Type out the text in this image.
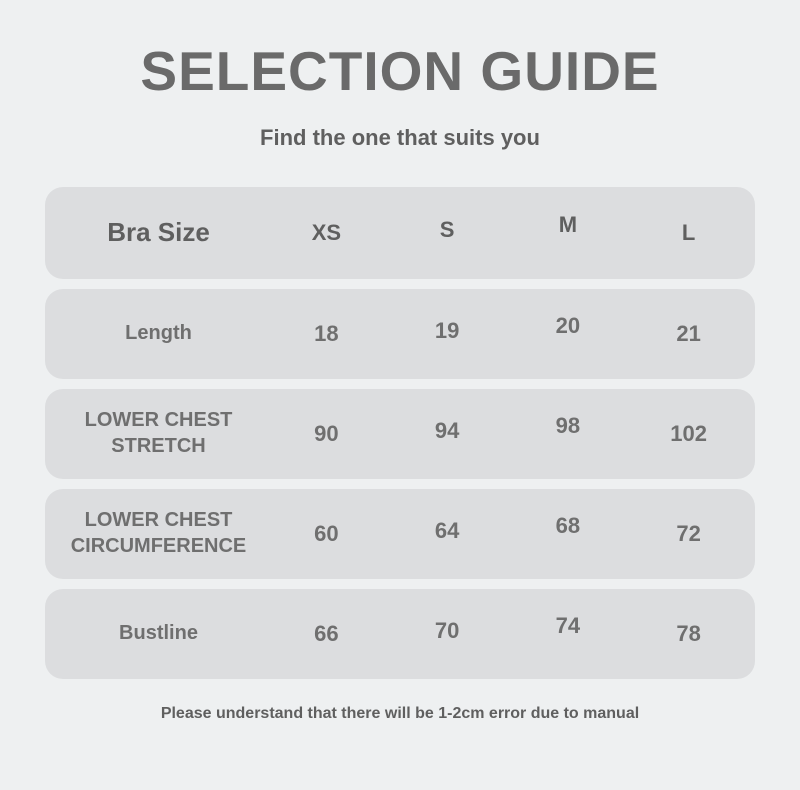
SELECTION GUIDE
Find the one that suits you
Bra Size	XS	S	M	L
Length	18	19	20	21
LOWER CHEST
STRETCH	90	94	98	102
LOWER CHEST
CIRCUMFERENCE	60	64	68	72
Bustline	66	70	74	78
Please understand that there will be 1-2cm error due to manual
